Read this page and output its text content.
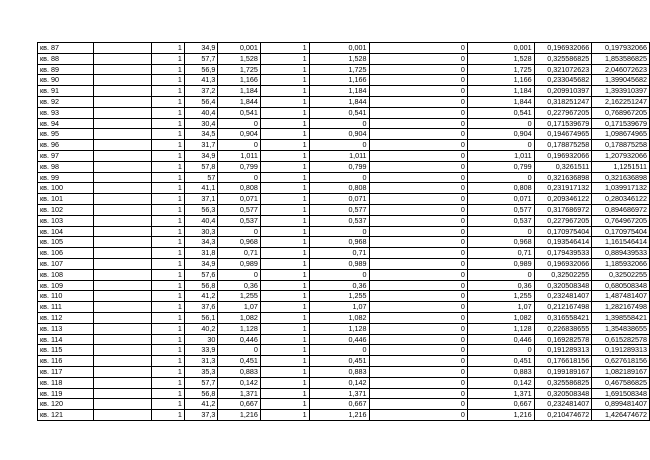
кв. 87		1	34,9	0,001	1	0,001	0	0,001	0,196932066	0,197932066
кв. 88		1	57,7	1,528	1	1,528	0	1,528	0,325586825	1,853586825
кв. 89		1	56,9	1,725	1	1,725	0	1,725	0,321072623	2,046072623
кв. 90		1	41,3	1,166	1	1,166	0	1,166	0,233045682	1,399045682
кв. 91		1	37,2	1,184	1	1,184	0	1,184	0,209910397	1,393910397
кв. 92		1	56,4	1,844	1	1,844	0	1,844	0,318251247	2,162251247
кв. 93		1	40,4	0,541	1	0,541	0	0,541	0,227967205	0,768967205
кв. 94		1	30,4	0	1	0	0	0	0,171539679	0,171539679
кв. 95		1	34,5	0,904	1	0,904	0	0,904	0,194674965	1,098674965
кв. 96		1	31,7	0	1	0	0	0	0,178875258	0,178875258
кв. 97		1	34,9	1,011	1	1,011	0	1,011	0,196932066	1,207932066
кв. 98		1	57,8	0,799	1	0,799	0	0,799	0,3261511	1,1251511
кв. 99		1	57	0	1	0	0	0	0,321636898	0,321636898
кв. 100		1	41,1	0,808	1	0,808	0	0,808	0,231917132	1,039917132
кв. 101		1	37,1	0,071	1	0,071	0	0,071	0,209346122	0,280346122
кв. 102		1	56,3	0,577	1	0,577	0	0,577	0,317686972	0,894686972
кв. 103		1	40,4	0,537	1	0,537	0	0,537	0,227967205	0,764967205
кв. 104		1	30,3	0	1	0	0	0	0,170975404	0,170975404
кв. 105		1	34,3	0,968	1	0,968	0	0,968	0,193546414	1,161546414
кв. 106		1	31,8	0,71	1	0,71	0	0,71	0,179439533	0,889439533
кв. 107		1	34,9	0,989	1	0,989	0	0,989	0,196932066	1,185932066
кв. 108		1	57,6	0	1	0	0	0	0,32502255	0,32502255
кв. 109		1	56,8	0,36	1	0,36	0	0,36	0,320508348	0,680508348
кв. 110		1	41,2	1,255	1	1,255	0	1,255	0,232481407	1,487481407
кв. 111		1	37,6	1,07	1	1,07	0	1,07	0,212167498	1,282167498
кв. 112		1	56,1	1,082	1	1,082	0	1,082	0,316558421	1,398558421
кв. 113		1	40,2	1,128	1	1,128	0	1,128	0,226838655	1,354838655
кв. 114		1	30	0,446	1	0,446	0	0,446	0,169282578	0,615282578
кв. 115		1	33,9	0	1	0	0	0	0,191289313	0,191289313
кв. 116		1	31,3	0,451	1	0,451	0	0,451	0,176618156	0,627618156
кв. 117		1	35,3	0,883	1	0,883	0	0,883	0,199189167	1,082189167
кв. 118		1	57,7	0,142	1	0,142	0	0,142	0,325586825	0,467586825
кв. 119		1	56,8	1,371	1	1,371	0	1,371	0,320508348	1,691508348
кв. 120		1	41,2	0,667	1	0,667	0	0,667	0,232481407	0,899481407
кв. 121		1	37,3	1,216	1	1,216	0	1,216	0,210474672	1,426474672
